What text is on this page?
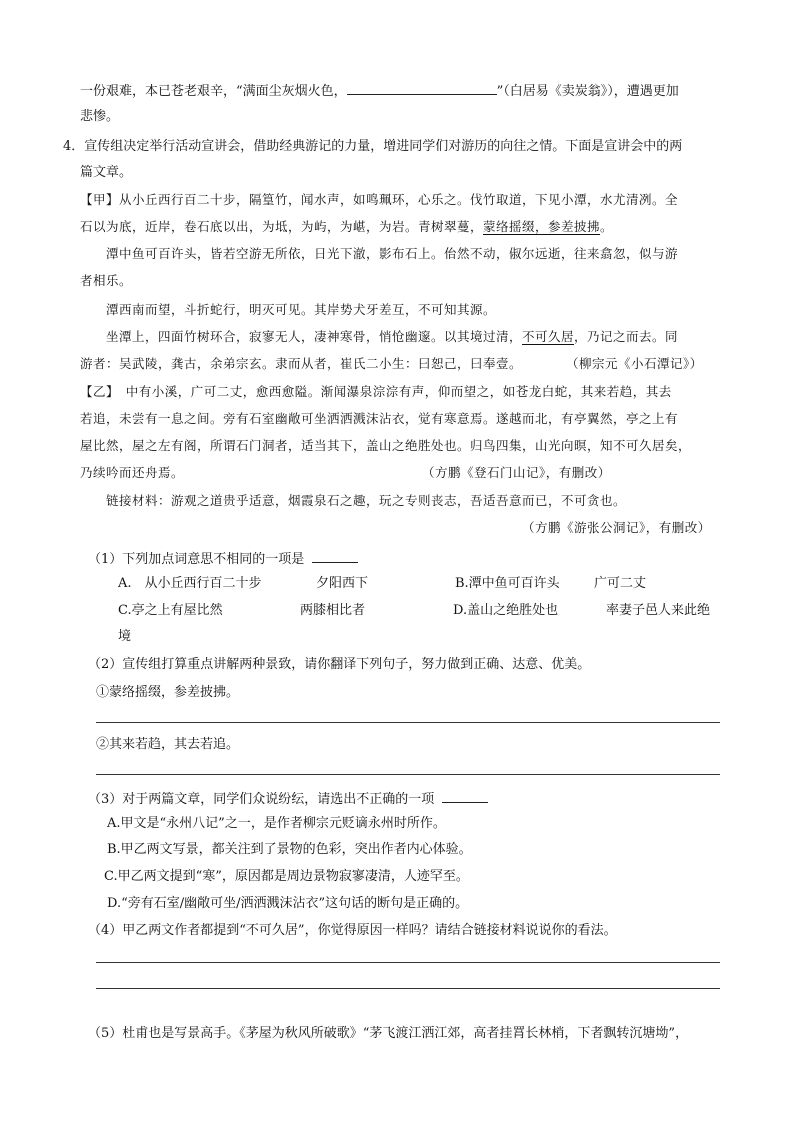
一份艰难，本已苍老艰辛，“满面尘灰烟火色，	”（白居易《卖炭翁》），遭遇更加
悲惨。
4．宣传组决定举行活动宣讲会，借助经典游记的力量，增进同学们对游历的向往之情。下面是宣讲会中的两
篇文章。
【甲】从小丘西行百二十步，隔篁竹，闻水声，如鸣珮环，心乐之。伐竹取道，下见小潭，水尤清冽。全
石以为底，近岸，卷石底以出，为坻，为屿，为嵁，为岩。青树翠蔓，蒙络摇缀，参差披拂。
潭中鱼可百许头，皆若空游无所依，日光下澈，影布石上。佁然不动，俶尔远逝，往来翕忽，似与游
者相乐。
潭西南而望，斗折蛇行，明灭可见。其岸势犬牙差互，不可知其源。
坐潭上，四面竹树环合，寂寥无人，凄神寒骨，悄怆幽邃。以其境过清，不可久居，乃记之而去。同
游者：吴武陵，龚古，余弟宗玄。隶而从者，崔氏二小生：曰恕己，曰奉壹。	（柳宗元《小石潭记》）
【乙】　中有小溪，广可二丈，愈西愈隘。渐闻瀑泉淙淙有声，仰而望之，如苍龙白蛇，其来若趋，其去
若追，未尝有一息之间。旁有石室幽敞可坐洒洒溅沫沾衣，觉有寒意焉。遂越而北，有亭翼然，亭之上有
屋比然，屋之左有阁，所谓石门洞者，适当其下，盖山之绝胜处也。归鸟四集，山光向暝，知不可久居矣，
乃续吟而还舟焉。	（方鹏《登石门山记》，有删改）
链接材料：游观之道贵乎适意，烟霞泉石之趣，玩之专则丧志，吾适吾意而已，不可贪也。
（方鹏《游张公洞记》，有删改）
（1）下列加点词意思不相同的一项是
A.　从小丘西行百二十步	夕阳西下	B.潭中鱼可百许头	广可二丈
C.亭之上有屋比然	两膝相比者	D.盖山之绝胜处也	率妻子邑人来此绝
境
（2）宣传组打算重点讲解两种景致，请你翻译下列句子，努力做到正确、达意、优美。
①蒙络摇缀，参差披拂。
②其来若趋，其去若追。
（3）对于两篇文章，同学们众说纷纭，请选出不正确的一项
A.甲文是“永州八记”之一，是作者柳宗元贬谪永州时所作。
B.甲乙两文写景，都关注到了景物的色彩，突出作者内心体验。
C.甲乙两文提到“寒”，原因都是周边景物寂寥凄清，人迹罕至。
D.“旁有石室/幽敞可坐/洒洒溅沫沾衣”这句话的断句是正确的。
（4）甲乙两文作者都提到“不可久居”，你觉得原因一样吗？请结合链接材料说说你的看法。
（5）杜甫也是写景高手。《茅屋为秋风所破歌》“茅飞渡江洒江郊，高者挂罥长林梢，下者飘转沉塘坳”，
